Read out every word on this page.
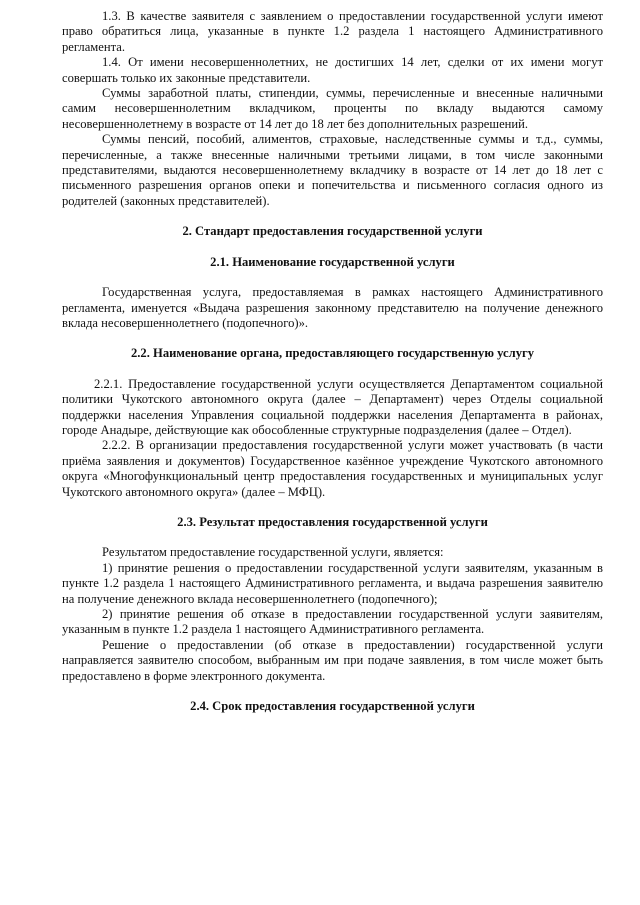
1.3. В качестве заявителя с заявлением о предоставлении государственной услуги имеют право обратиться лица, указанные в пункте 1.2 раздела 1 настоящего Административного регламента.

1.4. От имени несовершеннолетних, не достигших 14 лет, сделки от их имени могут совершать только их законные представители.

Суммы заработной платы, стипендии, суммы, перечисленные и внесенные наличными самим несовершеннолетним вкладчиком, проценты по вкладу выдаются самому несовершеннолетнему в возрасте от 14 лет до 18 лет без дополнительных разрешений.

Суммы пенсий, пособий, алиментов, страховые, наследственные суммы и т.д., суммы, перечисленные, а также внесенные наличными третьими лицами, в том числе законными представителями, выдаются несовершеннолетнему вкладчику в возрасте от 14 лет до 18 лет с письменного разрешения органов опеки и попечительства и письменного согласия одного из родителей (законных представителей).

2. Стандарт предоставления государственной услуги
2.1. Наименование государственной услуги

Государственная услуга, предоставляемая в рамках настоящего Административного регламента, именуется «Выдача разрешения законному представителю на получение денежного вклада несовершеннолетнего (подопечного)».

2.2. Наименование органа, предоставляющего государственную услугу

2.2.1. Предоставление государственной услуги осуществляется Департаментом социальной политики Чукотского автономного округа (далее – Департамент) через Отделы социальной поддержки населения Управления социальной поддержки населения Департамента в районах, городе Анадыре, действующие как обособленные структурные подразделения (далее – Отдел).

2.2.2. В организации предоставления государственной услуги может участвовать (в части приёма заявления и документов) Государственное казённое учреждение Чукотского автономного округа «Многофункциональный центр предоставления государственных и муниципальных услуг Чукотского автономного округа» (далее – МФЦ).

2.3. Результат предоставления государственной услуги

Результатом предоставление государственной услуги, является:

1) принятие решения о предоставлении государственной услуги заявителям, указанным в пункте 1.2 раздела 1 настоящего Административного регламента, и выдача разрешения заявителю на получение денежного вклада несовершеннолетнего (подопечного);

2) принятие решения об отказе в предоставлении государственной услуги заявителям, указанным в пункте 1.2 раздела 1 настоящего Административного регламента.

Решение о предоставлении (об отказе в предоставлении) государственной услуги направляется заявителю способом, выбранным им при подаче заявления, в том числе может быть предоставлено в форме электронного документа.

2.4. Срок предоставления государственной услуги
